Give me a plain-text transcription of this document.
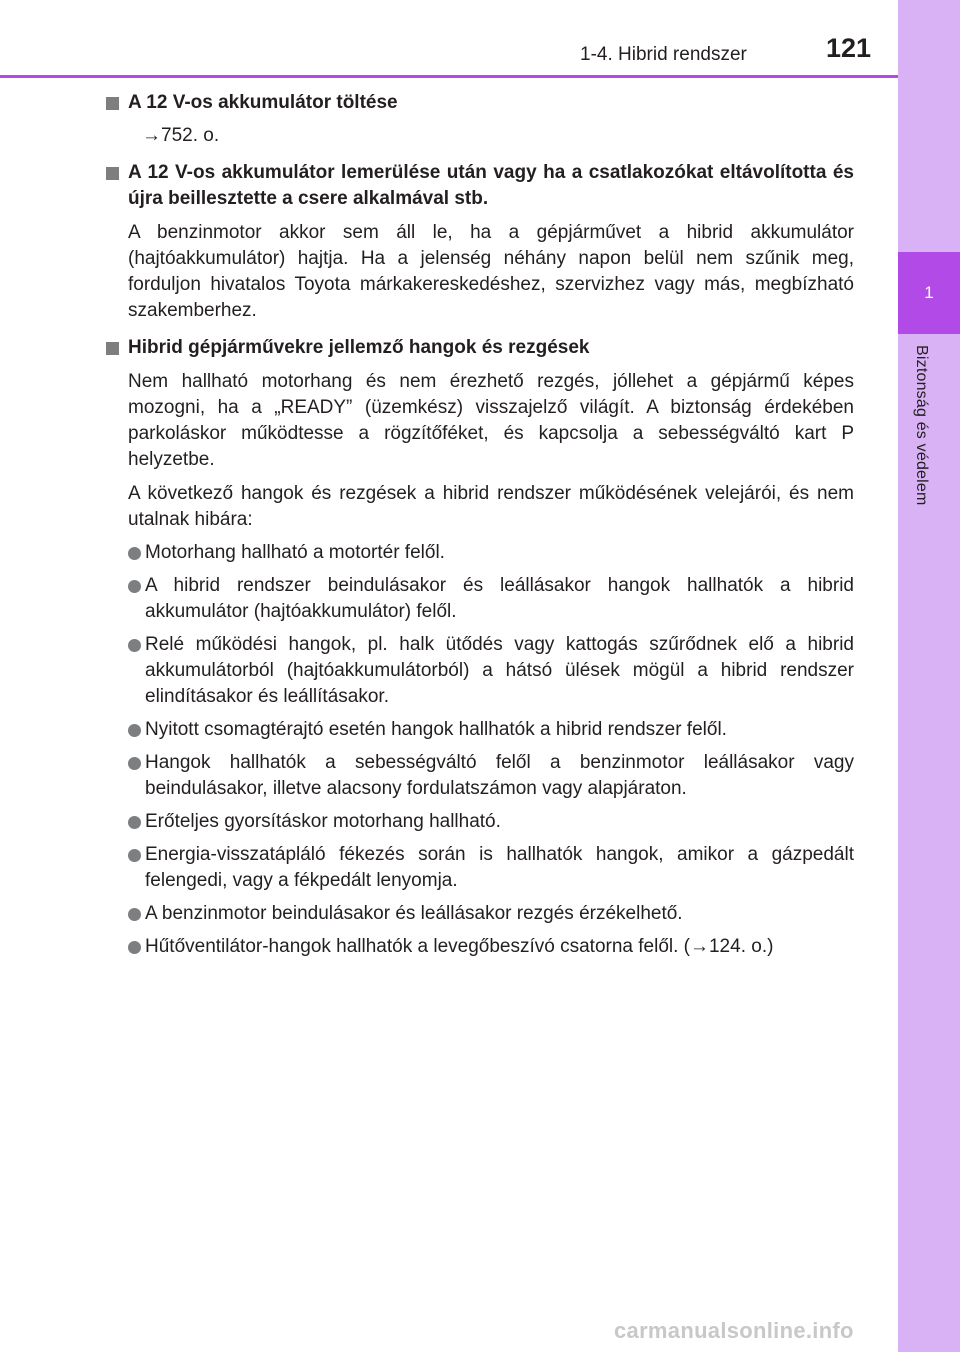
1
Biztonság és védelem
1-4. Hibrid rendszer	121
A 12 V-os akkumulátor töltése
→752. o.
A 12 V-os akkumulátor lemerülése után vagy ha a csatlakozókat eltávolította és újra beillesztette a csere alkalmával stb.
A benzinmotor akkor sem áll le, ha a gépjárművet a hibrid akkumulátor (hajtóakkumulátor) hajtja. Ha a jelenség néhány napon belül nem szűnik meg, forduljon hivatalos Toyota márkakereskedéshez, szervizhez vagy más, megbízható szakemberhez.
Hibrid gépjárművekre jellemző hangok és rezgések
Nem hallható motorhang és nem érezhető rezgés, jóllehet a gépjármű képes mozogni, ha a „READY” (üzemkész) visszajelző világít. A biztonság érdekében parkoláskor működtesse a rögzítőféket, és kapcsolja a sebességváltó kart P helyzetbe.
A következő hangok és rezgések a hibrid rendszer működésének velejárói, és nem utalnak hibára:
Motorhang hallható a motortér felől.
A hibrid rendszer beindulásakor és leállásakor hangok hallhatók a hibrid akkumulátor (hajtóakkumulátor) felől.
Relé működési hangok, pl. halk ütődés vagy kattogás szűrődnek elő a hibrid akkumulátorból (hajtóakkumulátorból) a hátsó ülések mögül a hibrid rendszer elindításakor és leállításakor.
Nyitott csomagtérajtó esetén hangok hallhatók a hibrid rendszer felől.
Hangok hallhatók a sebességváltó felől a benzinmotor leállásakor vagy beindulásakor, illetve alacsony fordulatszámon vagy alapjáraton.
Erőteljes gyorsításkor motorhang hallható.
Energia-visszatápláló fékezés során is hallhatók hangok, amikor a gázpedált felengedi, vagy a fékpedált lenyomja.
A benzinmotor beindulásakor és leállásakor rezgés érzékelhető.
Hűtőventilátor-hangok hallhatók a levegőbeszívó csatorna felől. (→124. o.)
carmanualsonline.info
